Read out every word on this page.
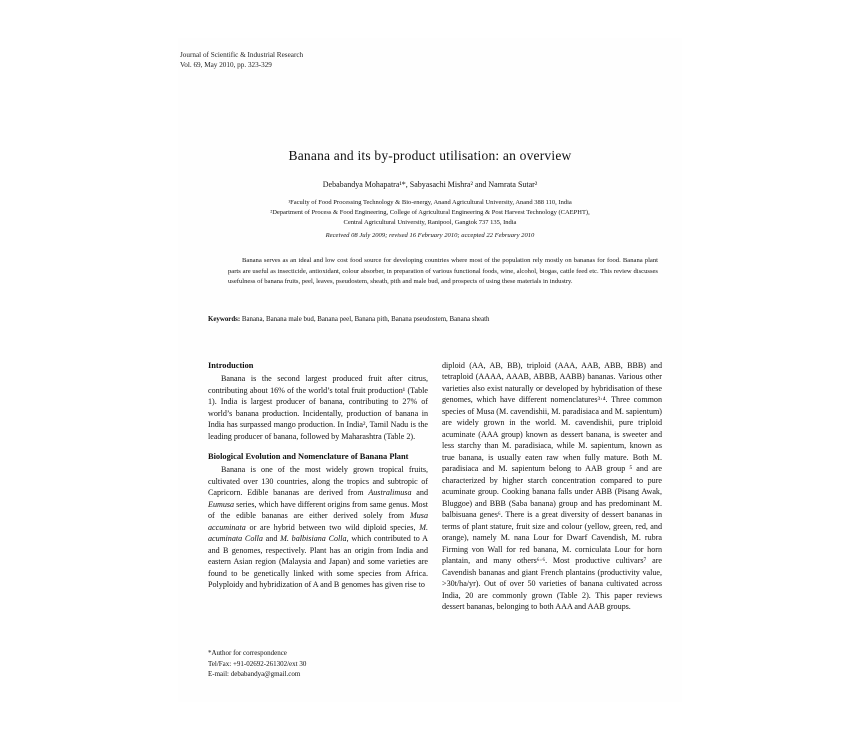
Journal of Scientific & Industrial Research
Vol. 69, May 2010, pp. 323-329
Banana and its by-product utilisation: an overview
Debabandya Mohapatra¹*, Sabyasachi Mishra² and Namrata Sutar²
¹Faculty of Food Processing Technology & Bio-energy, Anand Agricultural University, Anand 388 110, India
²Department of Process & Food Engineering, College of Agricultural Engineering & Post Harvest Technology (CAEPHT),
Central Agricultural University, Ranipool, Gangtok 737 135, India
Received 08 July 2009; revised 16 February 2010; accepted 22 February 2010
Banana serves as an ideal and low cost food source for developing countries where most of the population rely mostly on bananas for food. Banana plant parts are useful as insecticide, antioxidant, colour absorber, in preparation of various functional foods, wine, alcohol, biogas, cattle feed etc. This review discusses usefulness of banana fruits, peel, leaves, pseudostem, sheath, pith and male bud, and prospects of using these materials in industry.
Keywords: Banana, Banana male bud, Banana peel, Banana pith, Banana pseudostem, Banana sheath
Introduction

Banana is the second largest produced fruit after citrus, contributing about 16% of the world’s total fruit production¹ (Table 1). India is largest producer of banana, contributing to 27% of world’s banana production. Incidentally, production of banana in India has surpassed mango production. In India², Tamil Nadu is the leading producer of banana, followed by Maharashtra (Table 2).

Biological Evolution and Nomenclature of Banana Plant

Banana is one of the most widely grown tropical fruits, cultivated over 130 countries, along the tropics and subtropic of Capricorn. Edible bananas are derived from Australimusa and Eumusa series, which have different origins from same genus. Most of the edible bananas are either derived solely from Musa accuminata or are hybrid between two wild diploid species, M. acuminata Colla and M. balbisiana Colla, which contributed to A and B genomes, respectively. Plant has an origin from India and eastern Asian region (Malaysia and Japan) and some varieties are found to be genetically linked with some species from Africa. Polyploidy and hybridization of A and B genomes has given rise to

diploid (AA, AB, BB), triploid (AAA, AAB, ABB, BBB) and tetraploid (AAAA, AAAB, ABBB, AABB) bananas. Various other varieties also exist naturally or developed by hybridisation of these genomes, which have different nomenclatures³·⁴. Three common species of Musa (M. cavendishii, M. paradisiaca and M. sapientum) are widely grown in the world. M. cavendishii, pure triploid acuminate (AAA group) known as dessert banana, is sweeter and less starchy than M. paradisiaca, while M. sapientum, known as true banana, is usually eaten raw when fully mature. Both M. paradisiaca and M. sapientum belong to AAB group ⁵ and are characterized by higher starch concentration compared to pure acuminate group. Cooking banana falls under ABB (Pisang Awak, Bluggoe) and BBB (Saba banana) group and has predominant M. balbisuana genes⁶. There is a great diversity of dessert bananas in terms of plant stature, fruit size and colour (yellow, green, red, and orange), namely M. nana Lour for Dwarf Cavendish, M. rubra Firming von Wall for red banana, M. corniculata Lour for horn plantain, and many others⁶·⁶. Most productive cultivars⁷ are Cavendish bananas and giant French plantains (productivity value, >30t/ha/yr). Out of over 50 varieties of banana cultivated across India, 20 are commonly grown (Table 2). This paper reviews dessert bananas, belonging to both AAA and AAB groups.

*Author for correspondence
Tel/Fax: +91-02692-261302/ext 30
E-mail: debabandya@gmail.com
